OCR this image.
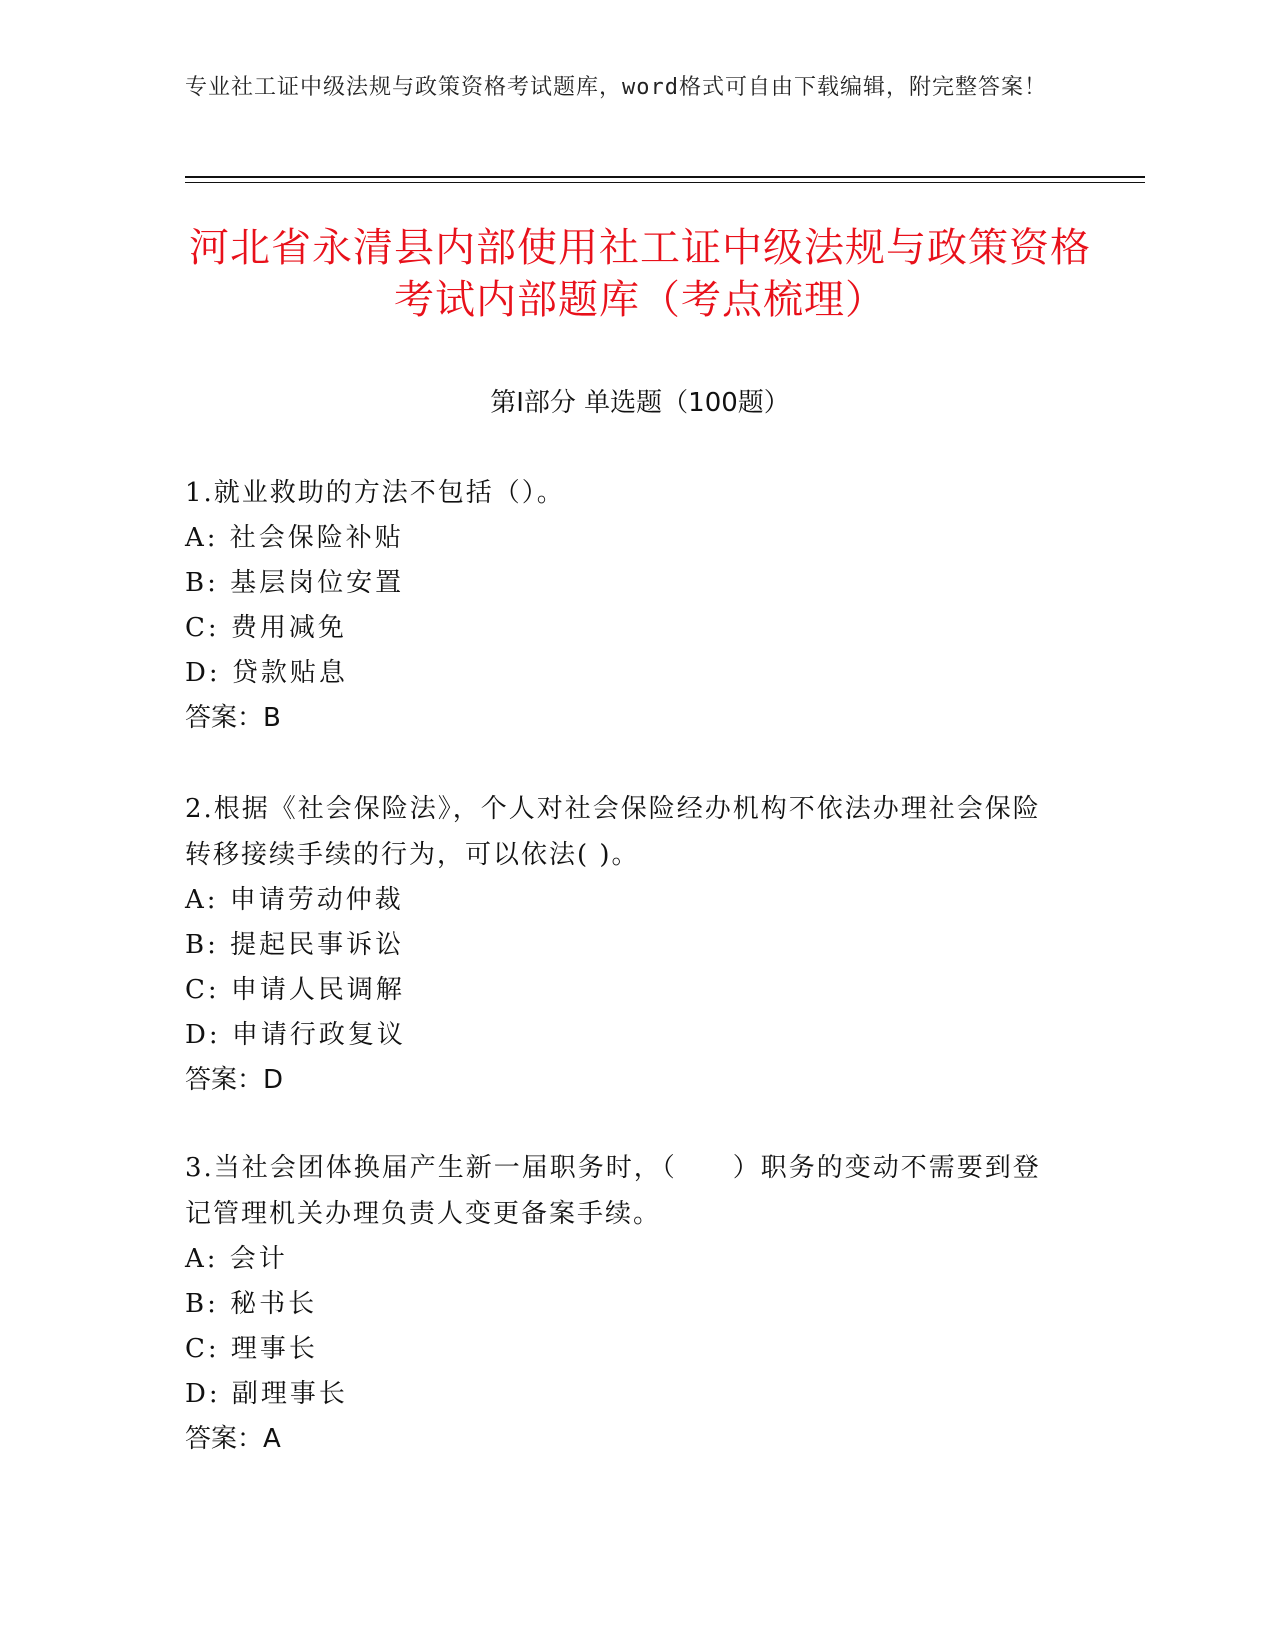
专业社工证中级法规与政策资格考试题库，word格式可自由下载编辑，附完整答案！
河北省永清县内部使用社工证中级法规与政策资格考试内部题库（考点梳理）
第I部分 单选题（100题）

1.就业救助的方法不包括（）。

A: 社会保险补贴

B: 基层岗位安置

C: 费用减免

D: 贷款贴息

答案：B

2.根据《社会保险法》，个人对社会保险经办机构不依法办理社会保险转移接续手续的行为，可以依法( )。

A: 申请劳动仲裁

B: 提起民事诉讼

C: 申请人民调解

D: 申请行政复议

答案：D

3.当社会团体换届产生新一届职务时，（　　）职务的变动不需要到登记管理机关办理负责人变更备案手续。

A: 会计

B: 秘书长

C: 理事长

D: 副理事长

答案：A
